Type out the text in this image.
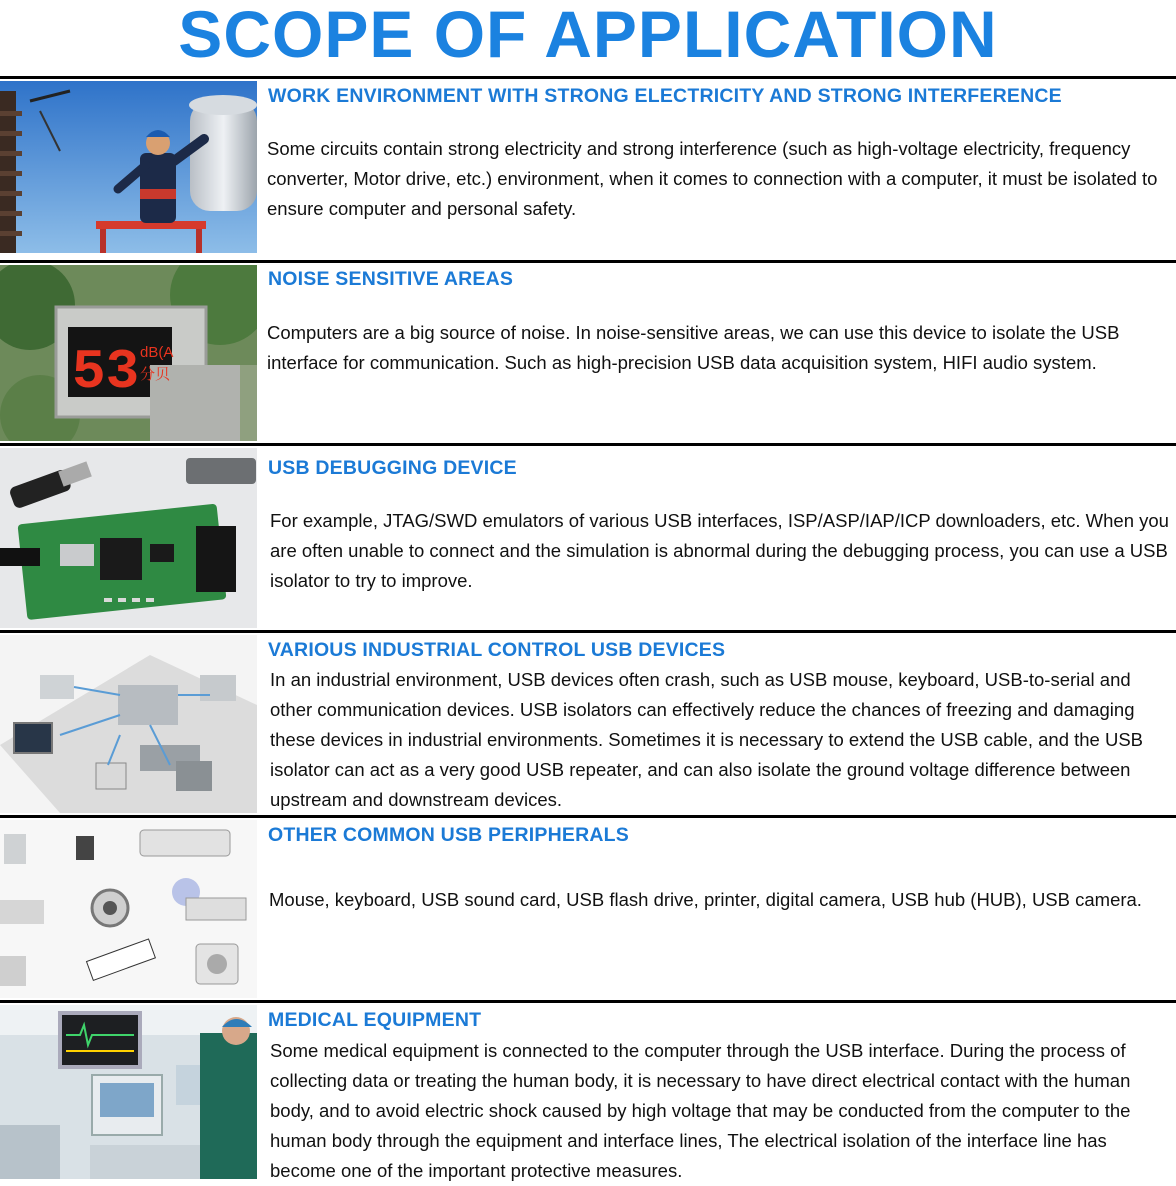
SCOPE OF APPLICATION
WORK ENVIRONMENT WITH STRONG ELECTRICITY AND STRONG INTERFERENCE
Some circuits contain strong electricity and strong interference (such as high-voltage electricity, frequency converter, Motor drive, etc.) environment, when it comes to connection with a computer, it must be isolated to ensure computer and personal safety.
53 dB(A
分贝
NOISE SENSITIVE AREAS
Computers are a big source of noise. In noise-sensitive areas, we can use this device to isolate the USB interface for communication. Such as high-precision USB data acquisition system, HIFI audio system.
USB DEBUGGING DEVICE
For example, JTAG/SWD emulators of various USB interfaces, ISP/ASP/IAP/ICP downloaders, etc. When you are often unable to connect and the simulation is abnormal during the debugging process, you can use a USB isolator to try to improve.
VARIOUS INDUSTRIAL CONTROL USB DEVICES
In an industrial environment, USB devices often crash, such as USB mouse, keyboard, USB-to-serial and other communication devices. USB isolators can effectively reduce the chances of freezing and damaging these devices in industrial environments. Sometimes it is necessary to extend the USB cable, and the USB isolator can act as a very good USB repeater, and can also isolate the ground voltage difference between upstream and downstream devices.
OTHER COMMON USB PERIPHERALS
Mouse, keyboard, USB sound card, USB flash drive, printer, digital camera, USB hub (HUB), USB camera.
MEDICAL EQUIPMENT
Some medical equipment is connected to the computer through the USB interface. During the process of collecting data or treating the human body, it is necessary to have direct electrical contact with the human body, and to avoid electric shock caused by high voltage that may be conducted from the computer to the human body through the equipment and interface lines, The electrical isolation of the interface line has become one of the important protective measures.
